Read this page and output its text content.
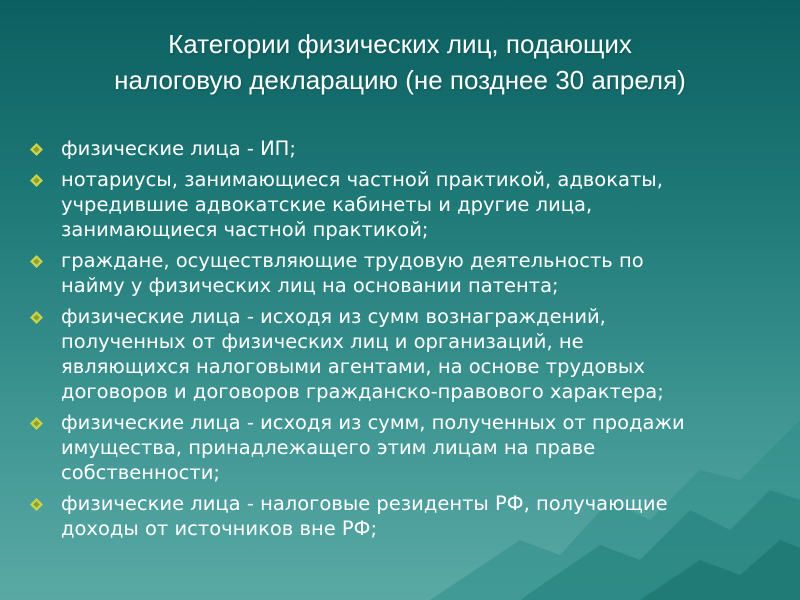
Категории физических лиц, подающих
налоговую декларацию (не позднее 30 апреля)
физические лица - ИП;
нотариусы, занимающиеся частной практикой, адвокаты,
учредившие адвокатские кабинеты и другие лица,
занимающиеся частной практикой;
граждане, осуществляющие трудовую деятельность по
найму у физических лиц на основании патента;
физические лица - исходя из сумм вознаграждений,
полученных от физических лиц и организаций, не
являющихся налоговыми агентами, на основе трудовых
договоров и договоров гражданско-правового характера;
физические лица - исходя из сумм, полученных от продажи
имущества, принадлежащего этим лицам на праве
собственности;
физические лица - налоговые резиденты РФ, получающие
доходы от источников вне РФ;
